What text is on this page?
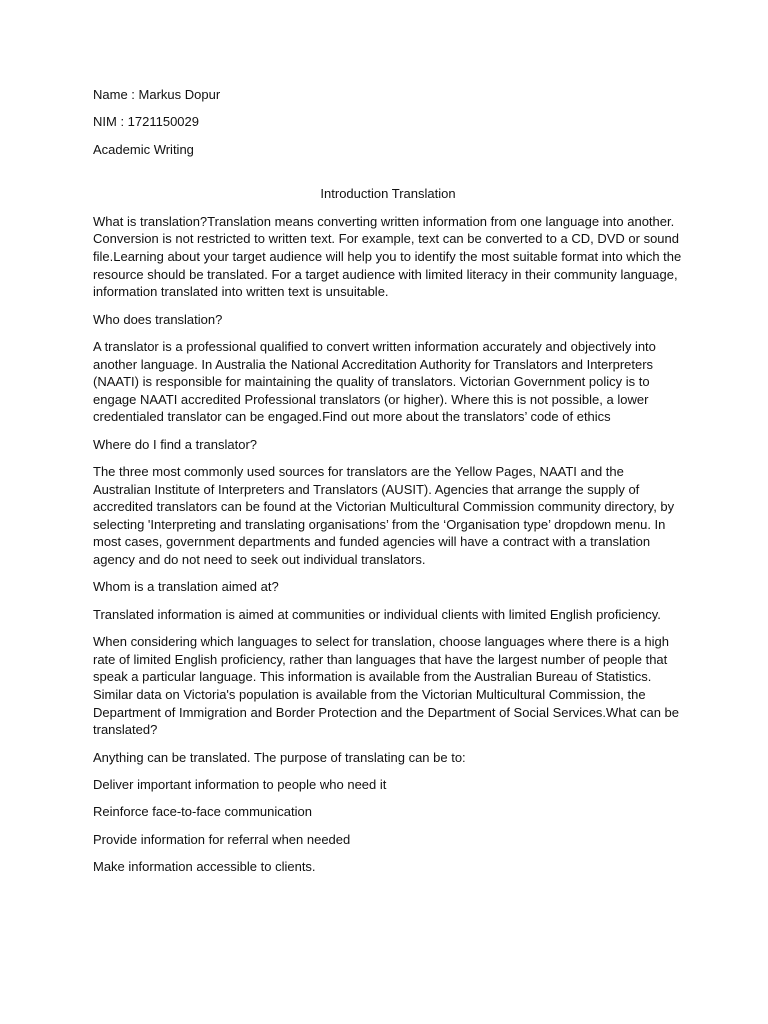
Name : Markus Dopur

NIM : 1721150029

Academic Writing

Introduction Translation

What is translation?Translation means converting written information from one language into another. Conversion is not restricted to written text. For example, text can be converted to a CD, DVD or sound file.Learning about your target audience will help you to identify the most suitable format into which the resource should be translated. For a target audience with limited literacy in their community language, information translated into written text is unsuitable.

Who does translation?

A translator is a professional qualified to convert written information accurately and objectively into another language. In Australia the National Accreditation Authority for Translators and Interpreters (NAATI) is responsible for maintaining the quality of translators. Victorian Government policy is to engage NAATI accredited Professional translators (or higher). Where this is not possible, a lower credentialed translator can be engaged.Find out more about the translators’ code of ethics

Where do I find a translator?

The three most commonly used sources for translators are the Yellow Pages, NAATI and the Australian Institute of Interpreters and Translators (AUSIT). Agencies that arrange the supply of accredited translators can be found at the Victorian Multicultural Commission community directory, by selecting 'Interpreting and translating organisations’ from the ‘Organisation type’ dropdown menu. In most cases, government departments and funded agencies will have a contract with a translation agency and do not need to seek out individual translators.

Whom is a translation aimed at?

Translated information is aimed at communities or individual clients with limited English proficiency.

When considering which languages to select for translation, choose languages where there is a high rate of limited English proficiency, rather than languages that have the largest number of people that speak a particular language. This information is available from the Australian Bureau of Statistics. Similar data on Victoria's population is available from the Victorian Multicultural Commission, the Department of Immigration and Border Protection and the Department of Social Services.What can be translated?

Anything can be translated. The purpose of translating can be to:

Deliver important information to people who need it

Reinforce face-to-face communication

Provide information for referral when needed

Make information accessible to clients.
